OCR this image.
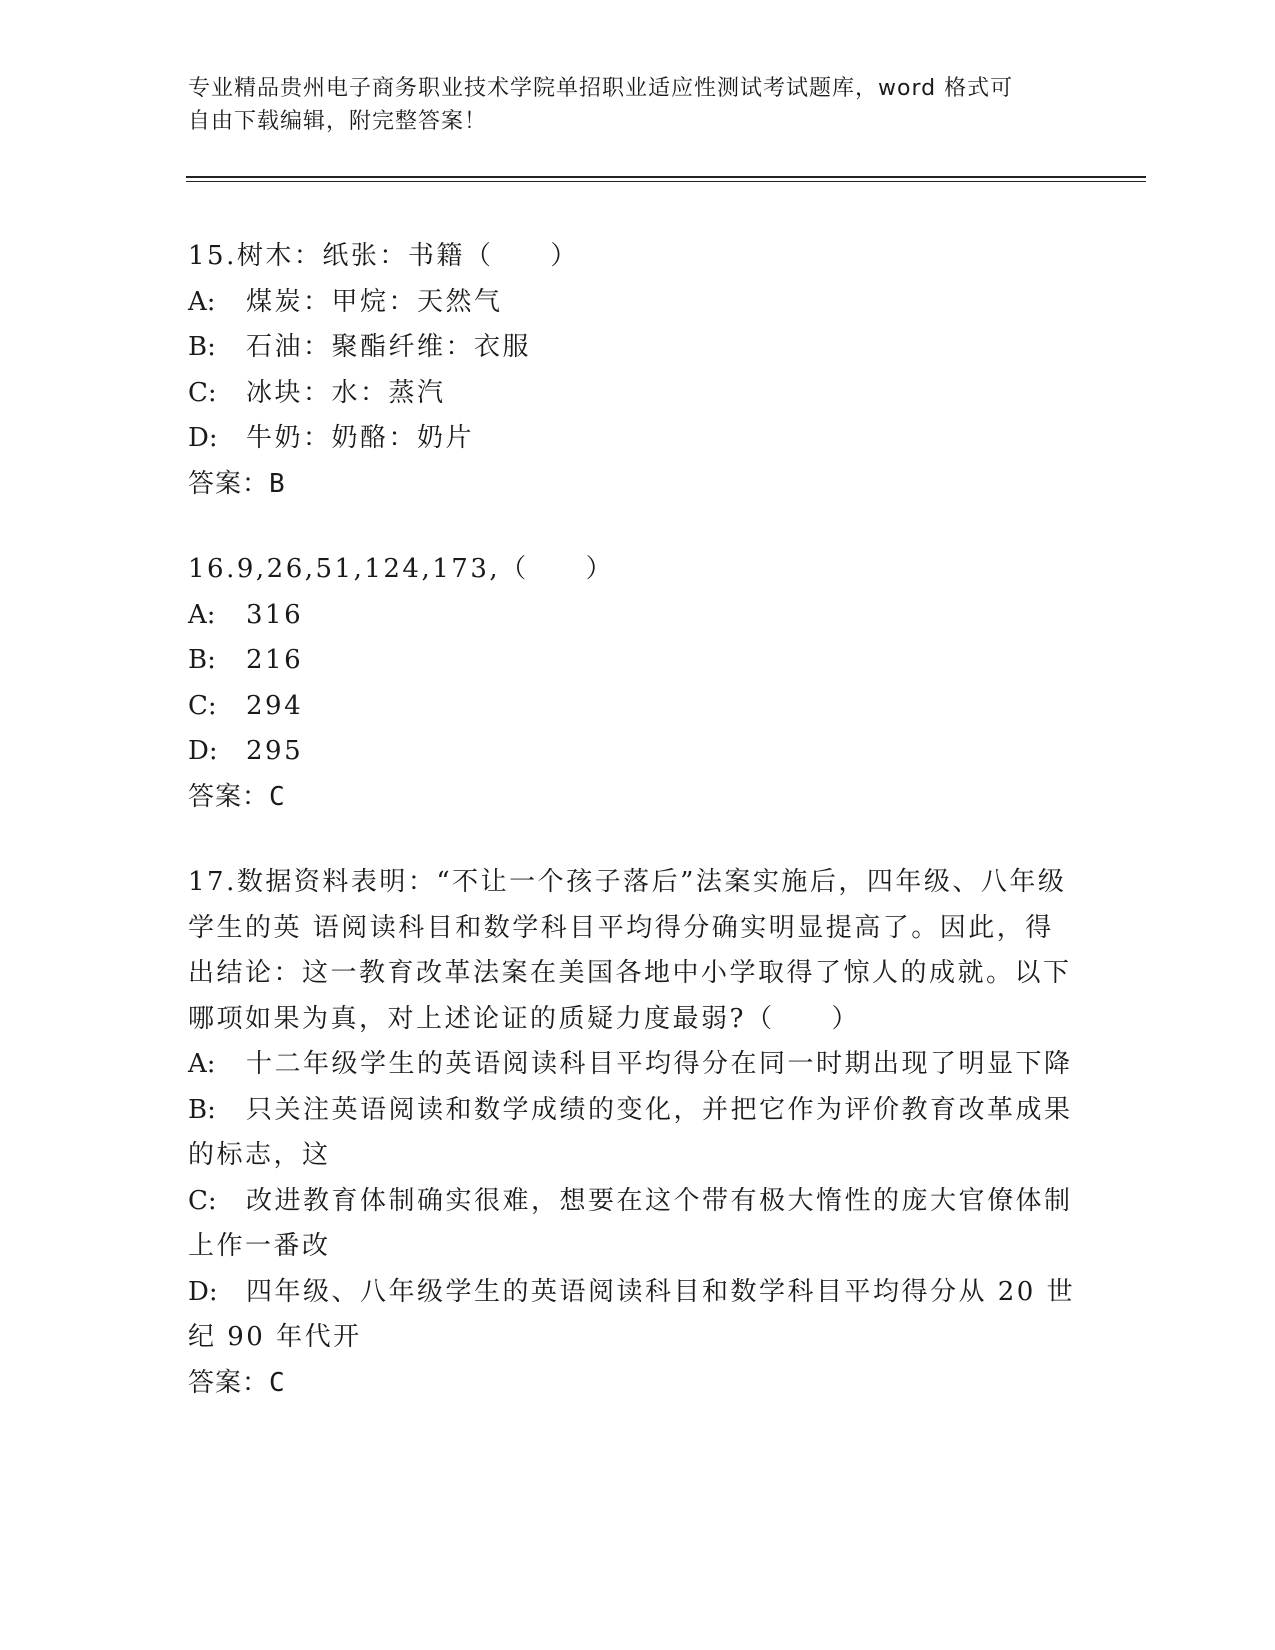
专业精品贵州电子商务职业技术学院单招职业适应性测试考试题库，word 格式可
自由下载编辑，附完整答案！

15.树木：纸张：书籍（　　）

A: 煤炭：甲烷：天然气
B: 石油：聚酯纤维：衣服
C: 冰块：水：蒸汽
D: 牛奶：奶酪：奶片
答案：B

16.9,26,51,124,173,（　　）

A: 316
B: 216
C: 294
D: 295
答案：C

17.数据资料表明：“不让一个孩子落后”法案实施后，四年级、八年级学生的英 语阅读科目和数学科目平均得分确实明显提高了。因此，得出结论：这一教育改革法案在美国各地中小学取得了惊人的成就。以下哪项如果为真，对上述论证的质疑力度最弱?（　　）

A: 十二年级学生的英语阅读科目平均得分在同一时期出现了明显下降
B: 只关注英语阅读和数学成绩的变化，并把它作为评价教育改革成果的标志，这
C: 改进教育体制确实很难，想要在这个带有极大惰性的庞大官僚体制上作一番改
D: 四年级、八年级学生的英语阅读科目和数学科目平均得分从 20 世纪 90 年代开
答案：C
